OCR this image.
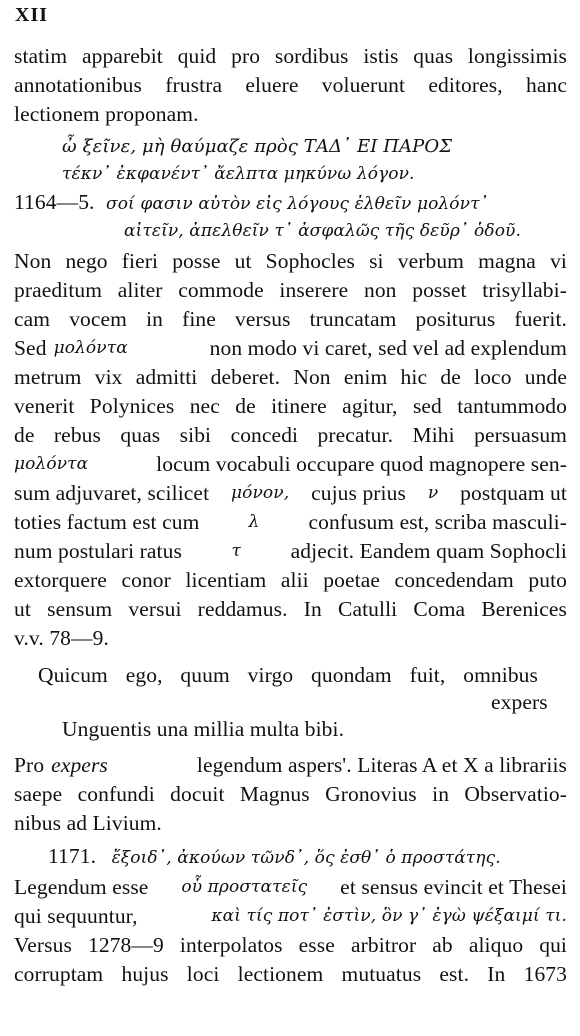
XII
statim apparebit quid pro sordibus istis quas longissimis
annotationibus frustra eluere voluerunt editores, hanc
lectionem proponam.
ὦ ξεῖνε, μὴ θαύμαζε πρὸς ΤΑΔ᾽ ΕΙ ΠΑΡΟΣ
τέκν᾽ ἐκφανέντ᾽ ἄελπτα μηκύνω λόγον.
1164—5. σοί φασιν αὐτὸν εἰς λόγους ἐλθεῖν μολόντ᾽
αἰτεῖν, ἀπελθεῖν τ᾽ ἀσφαλῶς τῆς δεῦρ᾽ ὁδοῦ.
Non nego fieri posse ut Sophocles si verbum magna vi
praeditum aliter commode inserere non posset trisyllabi-
cam vocem in fine versus truncatam positurus fuerit.
Sed μολόντα	non modo vi caret, sed vel ad explendum
metrum vix admitti deberet. Non enim hic de loco unde
venerit Polynices nec de itinere agitur, sed tantummodo
de rebus quas sibi concedi precatur. Mihi persuasum
μολόντα	locum vocabuli occupare quod magnopere sen-
sum adjuvaret, scilicet μόνον, cujus prius ν postquam ut
toties factum est cum	λ confusum est, scriba masculi-
num postulari ratus	τ adjecit. Eandem quam Sophocli
extorquere conor licentiam alii poetae concedendam puto
ut sensum versui reddamus. In Catulli Coma Berenices
v.v. 78—9.
Quicum ego, quum virgo quondam fuit, omnibus
expers
Unguentis una millia multa bibi.
Pro expers	legendum aspers'. Literas A et X a librariis
saepe confundi docuit Magnus Gronovius in Observatio-
nibus ad Livium.
1171. ἔξοιδ᾽, ἀκούων τῶνδ᾽, ὅς ἐσθ᾽ ὁ προστάτης.
Legendum esse οὗ προστατεῖς et sensus evincit et Thesei
qui sequuntur,	καὶ τίς ποτ᾽ ἐστὶν, ὃν γ᾽ ἐγὼ ψέξαιμί τι.
Versus 1278—9 interpolatos esse arbitror ab aliquo qui
corruptam hujus loci lectionem mutuatus est. In 1673
